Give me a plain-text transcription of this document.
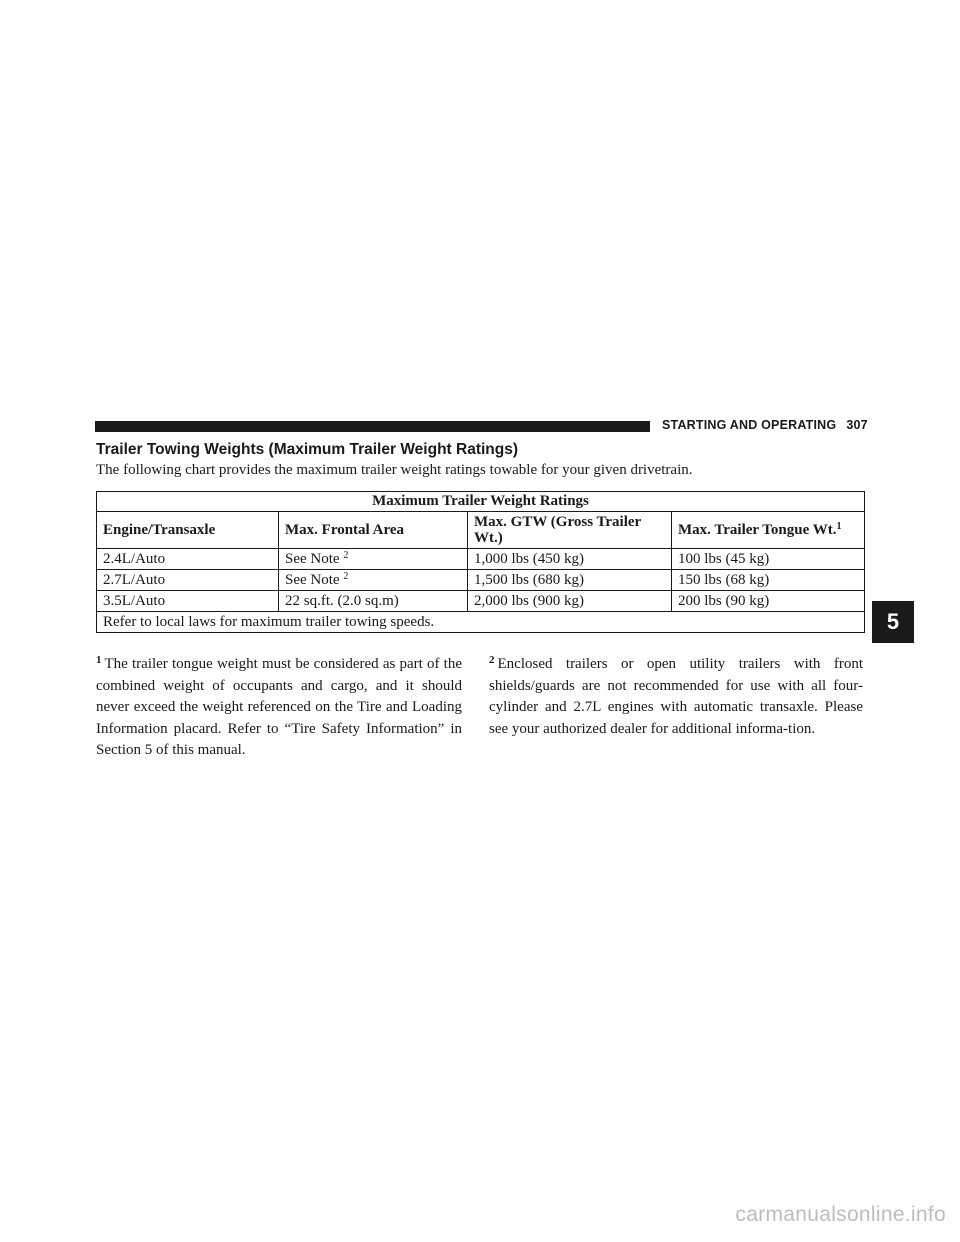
STARTING AND OPERATING 307
Trailer Towing Weights (Maximum Trailer Weight Ratings)
The following chart provides the maximum trailer weight ratings towable for your given drivetrain.
Maximum Trailer Weight Ratings			
Engine/Transaxle	Max. Frontal Area	Max. GTW (Gross Trailer Wt.)	Max. Trailer Tongue Wt.$^1$
2.4L/Auto	See Note $^2$	1,000 lbs (450 kg)	100 lbs (45 kg)
2.7L/Auto	See Note $^2$	1,500 lbs (680 kg)	150 lbs (68 kg)
3.5L/Auto	22 sq.ft. (2.0 sq.m)	2,000 lbs (900 kg)	200 lbs (90 kg)
Refer to local laws for maximum trailer towing speeds.			
$^1$ The trailer tongue weight must be considered as part of the combined weight of occupants and cargo, and it should never exceed the weight referenced on the Tire and Loading Information placard. Refer to “Tire Safety Information” in Section 5 of this manual.
$^2$ Enclosed trailers or open utility trailers with front shields/guards are not recommended for use with all four-cylinder and 2.7L engines with automatic transaxle. Please see your authorized dealer for additional informa-tion.
5
carmanualsonline.info
